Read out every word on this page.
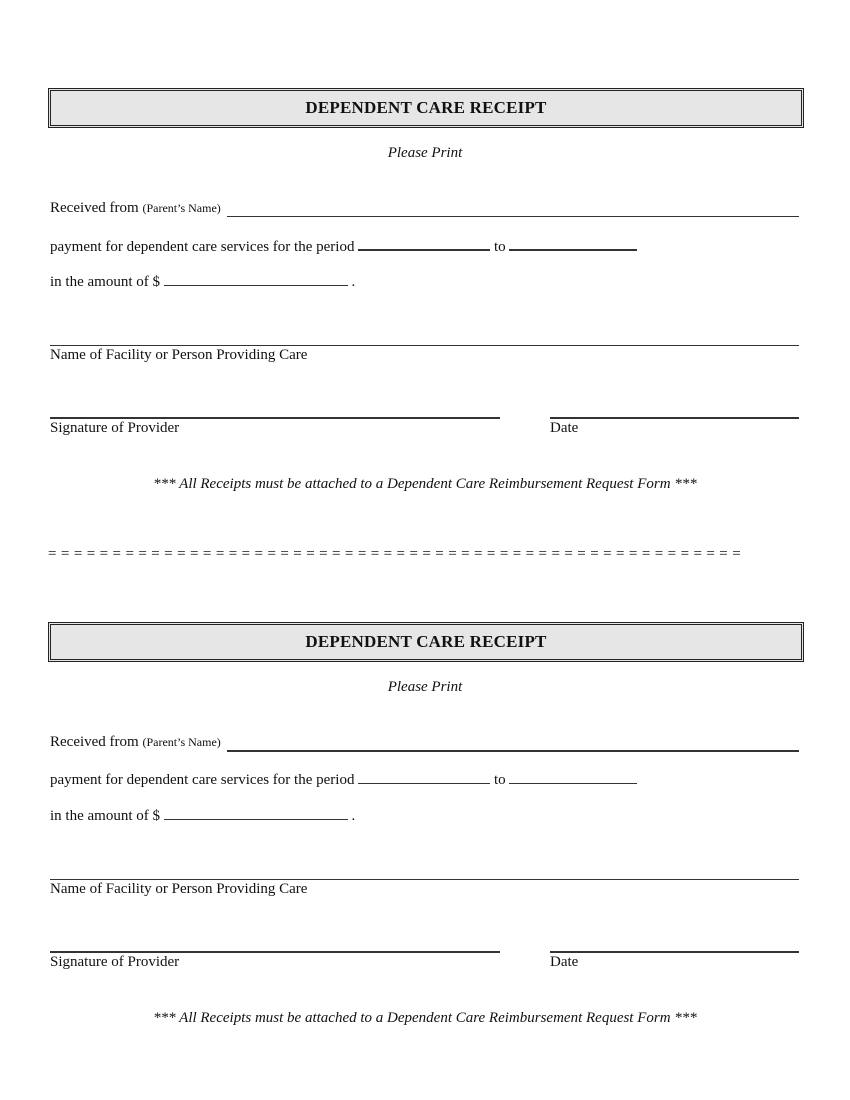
DEPENDENT CARE RECEIPT
Please Print
Received from (Parent’s Name)
payment for dependent care services for the period	to
in the amount of $	.
Name of Facility or Person Providing Care
Signature of Provider	Date
*** All Receipts must be attached to a Dependent Care Reimbursement Request Form ***
= = = = = = = = = = = = = = = = = = = = = = = = = = = = = = = = = = = = = = = = = = = = = = = = = = = = = =
DEPENDENT CARE RECEIPT
Please Print
Received from (Parent’s Name)
payment for dependent care services for the period	to
in the amount of $	.
Name of Facility or Person Providing Care
Signature of Provider	Date
*** All Receipts must be attached to a Dependent Care Reimbursement Request Form ***
